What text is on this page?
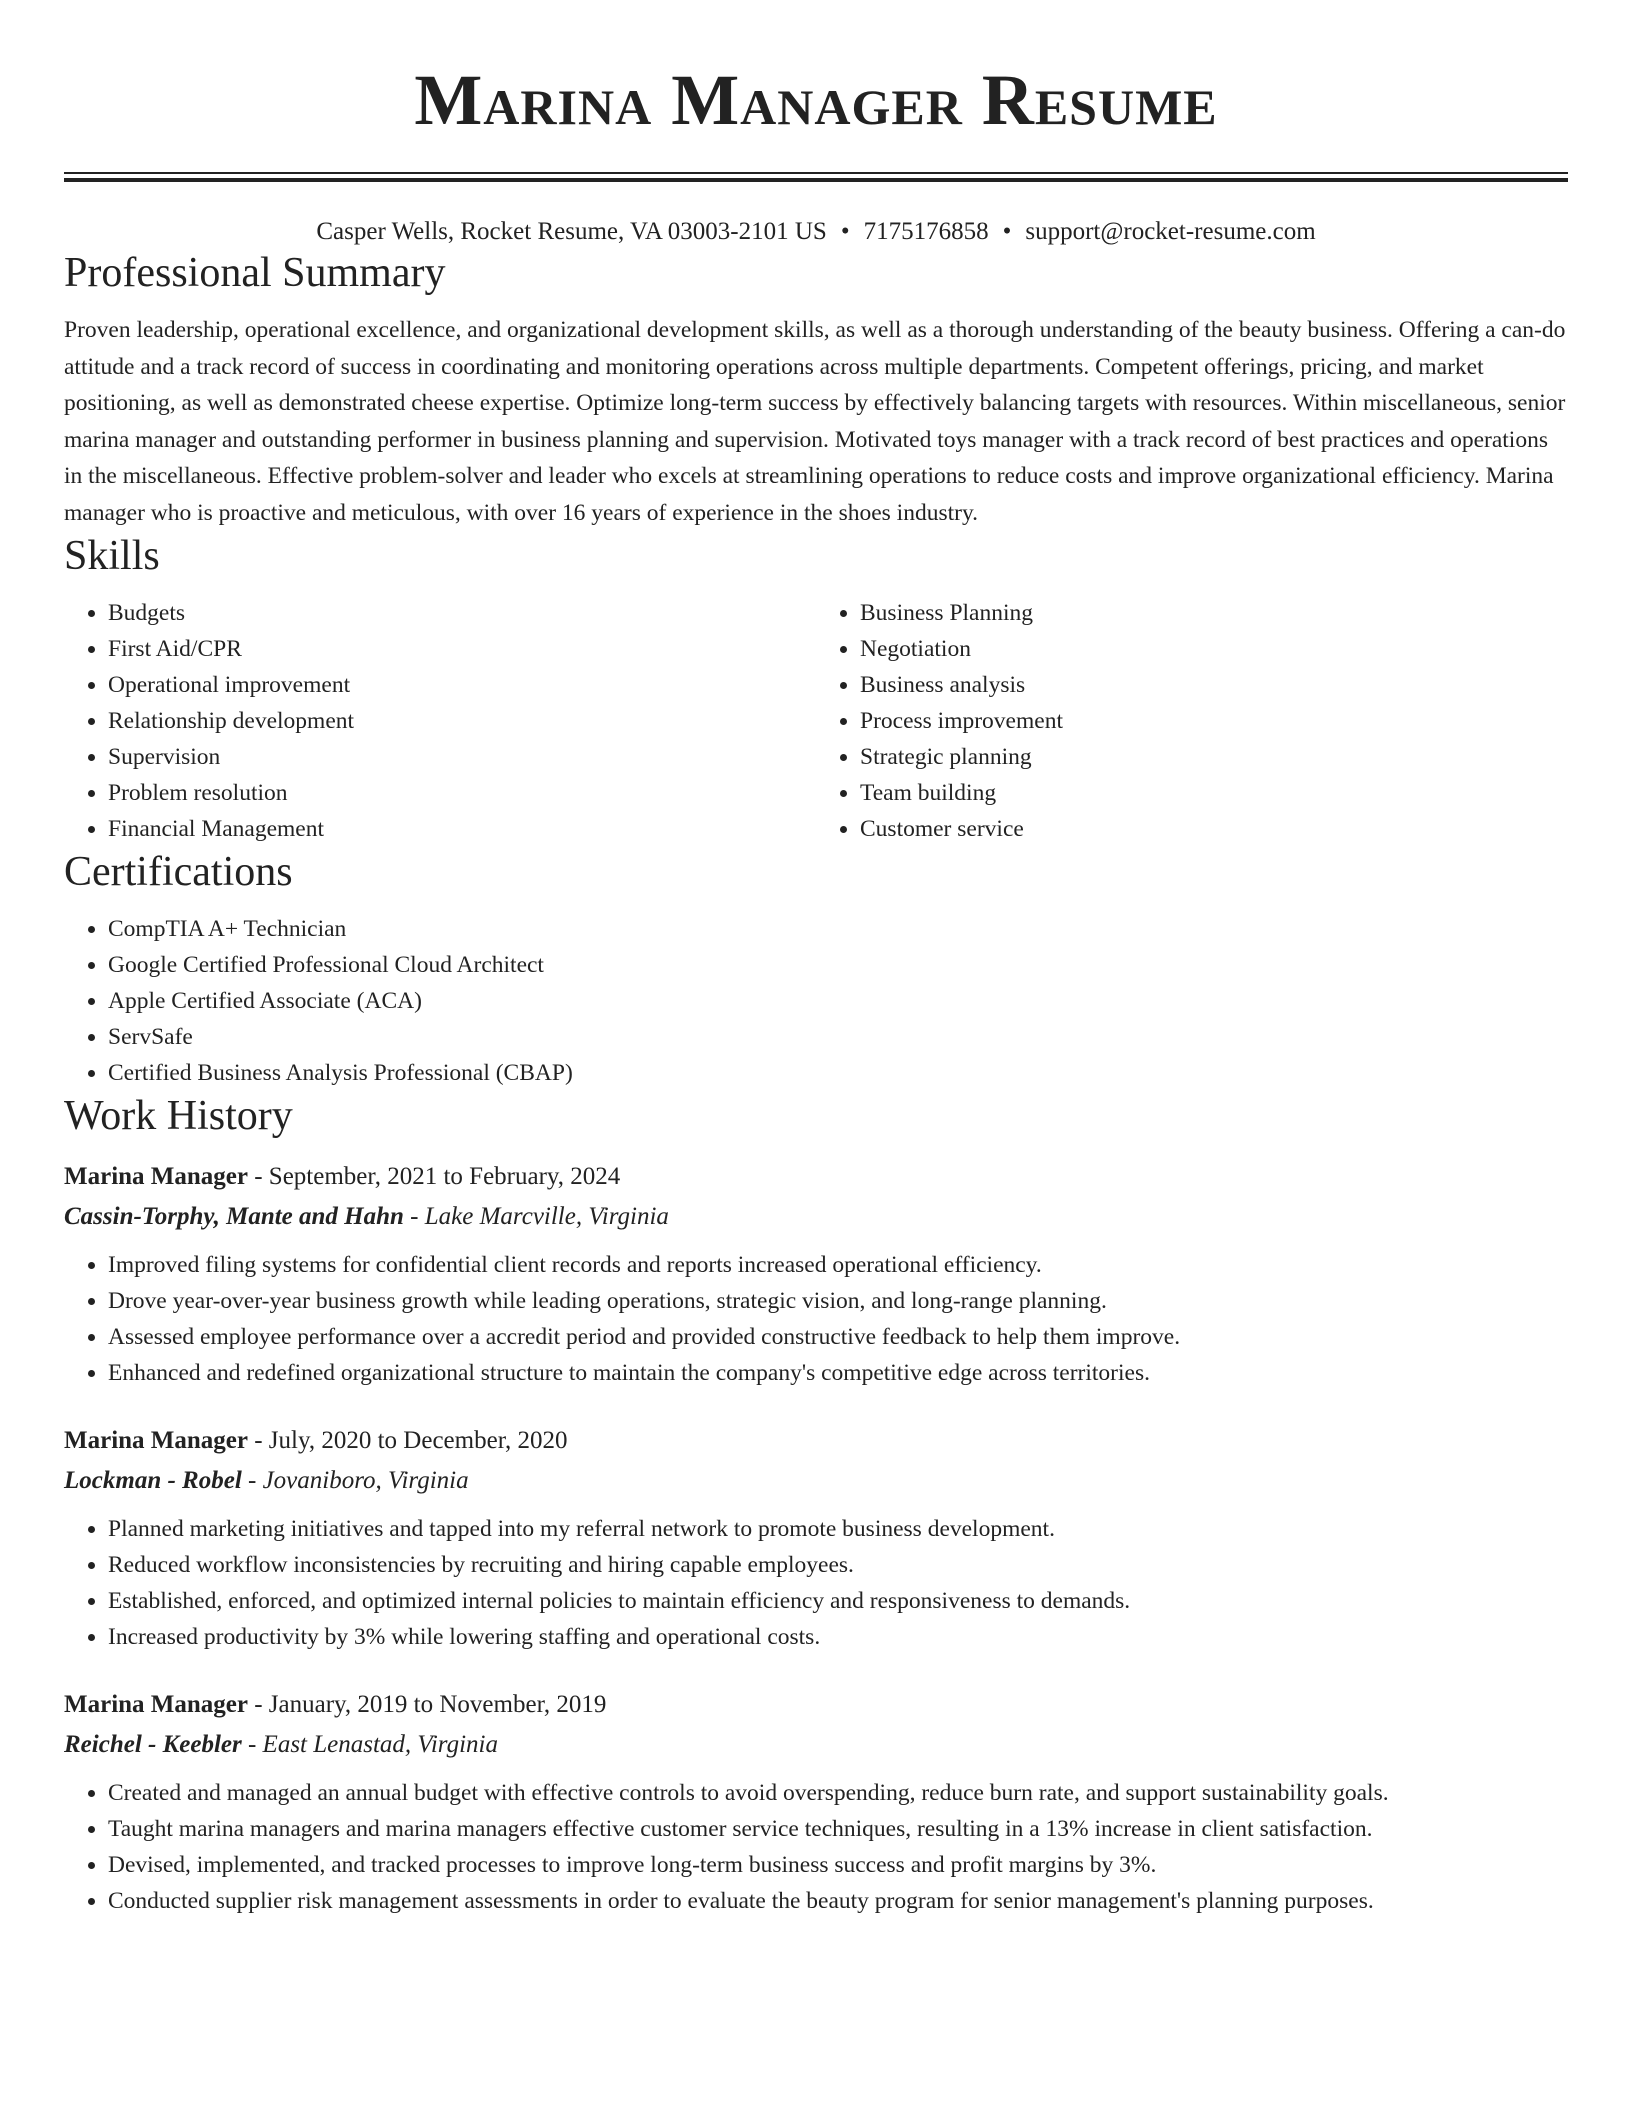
Marina Manager Resume
Casper Wells, Rocket Resume, VA 03003-2101 US • 7175176858 • support@rocket-resume.com
Professional Summary

Proven leadership, operational excellence, and organizational development skills, as well as a thorough understanding of the beauty business. Offering a can-do attitude and a track record of success in coordinating and monitoring operations across multiple departments. Competent offerings, pricing, and market positioning, as well as demonstrated cheese expertise. Optimize long-term success by effectively balancing targets with resources. Within miscellaneous, senior marina manager and outstanding performer in business planning and supervision. Motivated toys manager with a track record of best practices and operations in the miscellaneous. Effective problem-solver and leader who excels at streamlining operations to reduce costs and improve organizational efficiency. Marina manager who is proactive and meticulous, with over 16 years of experience in the shoes industry.

Skills
• Budgets
• First Aid/CPR
• Operational improvement
• Relationship development
• Supervision
• Problem resolution
• Financial Management
• Business Planning
• Negotiation
• Business analysis
• Process improvement
• Strategic planning
• Team building
• Customer service
Certifications
• CompTIA A+ Technician
• Google Certified Professional Cloud Architect
• Apple Certified Associate (ACA)
• ServSafe
• Certified Business Analysis Professional (CBAP)
Work History
Marina Manager - September, 2021 to February, 2024
Cassin-Torphy, Mante and Hahn - Lake Marcville, Virginia
• Improved filing systems for confidential client records and reports increased operational efficiency.
• Drove year-over-year business growth while leading operations, strategic vision, and long-range planning.
• Assessed employee performance over a accredit period and provided constructive feedback to help them improve.
• Enhanced and redefined organizational structure to maintain the company's competitive edge across territories.
Marina Manager - July, 2020 to December, 2020
Lockman - Robel - Jovaniboro, Virginia
• Planned marketing initiatives and tapped into my referral network to promote business development.
• Reduced workflow inconsistencies by recruiting and hiring capable employees.
• Established, enforced, and optimized internal policies to maintain efficiency and responsiveness to demands.
• Increased productivity by 3% while lowering staffing and operational costs.
Marina Manager - January, 2019 to November, 2019
Reichel - Keebler - East Lenastad, Virginia
• Created and managed an annual budget with effective controls to avoid overspending, reduce burn rate, and support sustainability goals.
• Taught marina managers and marina managers effective customer service techniques, resulting in a 13% increase in client satisfaction.
• Devised, implemented, and tracked processes to improve long-term business success and profit margins by 3%.
• Conducted supplier risk management assessments in order to evaluate the beauty program for senior management's planning purposes.
